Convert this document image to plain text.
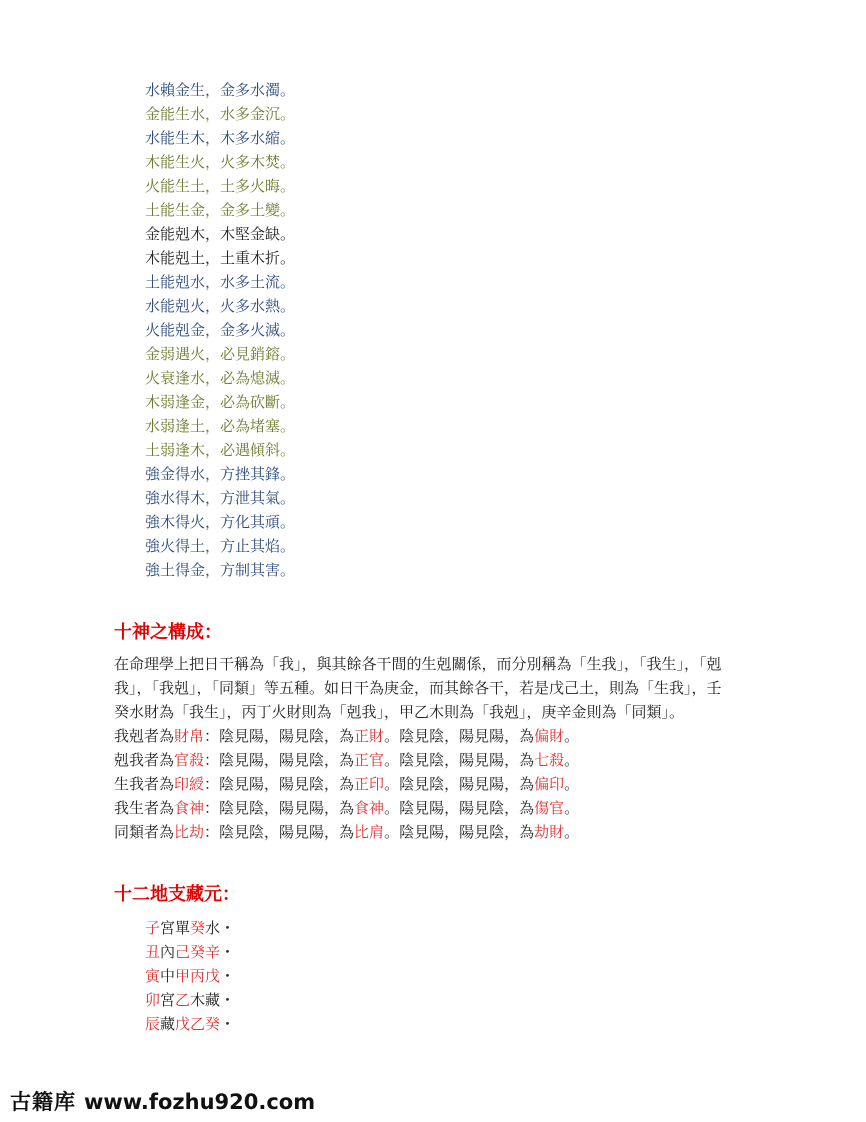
水賴金生，金多水濁。
金能生水，水多金沉。
水能生木，木多水縮。
木能生火，火多木焚。
火能生土，土多火晦。
土能生金，金多土變。
金能剋木，木堅金缺。
木能剋土，土重木折。
土能剋水，水多土流。
水能剋火，火多水熱。
火能剋金，金多火滅。
金弱遇火，必見銷鎔。
火衰逢水，必為熄滅。
木弱逢金，必為砍斷。
水弱逢土，必為堵塞。
土弱逢木，必遇傾斜。
強金得水，方挫其鋒。
強水得木，方泄其氣。
強木得火，方化其頑。
強火得土，方止其焰。
強土得金，方制其害。
十神之構成：

在命理學上把日干稱為「我」，與其餘各干間的生剋關係，而分別稱為「生我」，「我生」，「剋
我」，「我剋」，「同類」等五種。如日干為庚金，而其餘各干，若是戊己土，則為「生我」，壬
癸水財為「我生」，丙丁火財則為「剋我」，甲乙木則為「我剋」，庚辛金則為「同類」。

我剋者為財帛：陰見陽，陽見陰，為正財。陰見陰，陽見陽，為偏財。
剋我者為官殺：陰見陽，陽見陰，為正官。陰見陰，陽見陽，為七殺。
生我者為印綬：陰見陽，陽見陰，為正印。陰見陰，陽見陽，為偏印。
我生者為食神：陰見陰，陽見陽，為食神。陰見陽，陽見陰，為傷官。
同類者為比劫：陰見陰，陽見陽，為比肩。陰見陽，陽見陰，為劫財。
十二地支藏元：
子宮單癸水・
丑內己癸辛・
寅中甲丙戊・
卯宮乙木藏・
辰藏戊乙癸・
古籍库 www.fozhu920.com
